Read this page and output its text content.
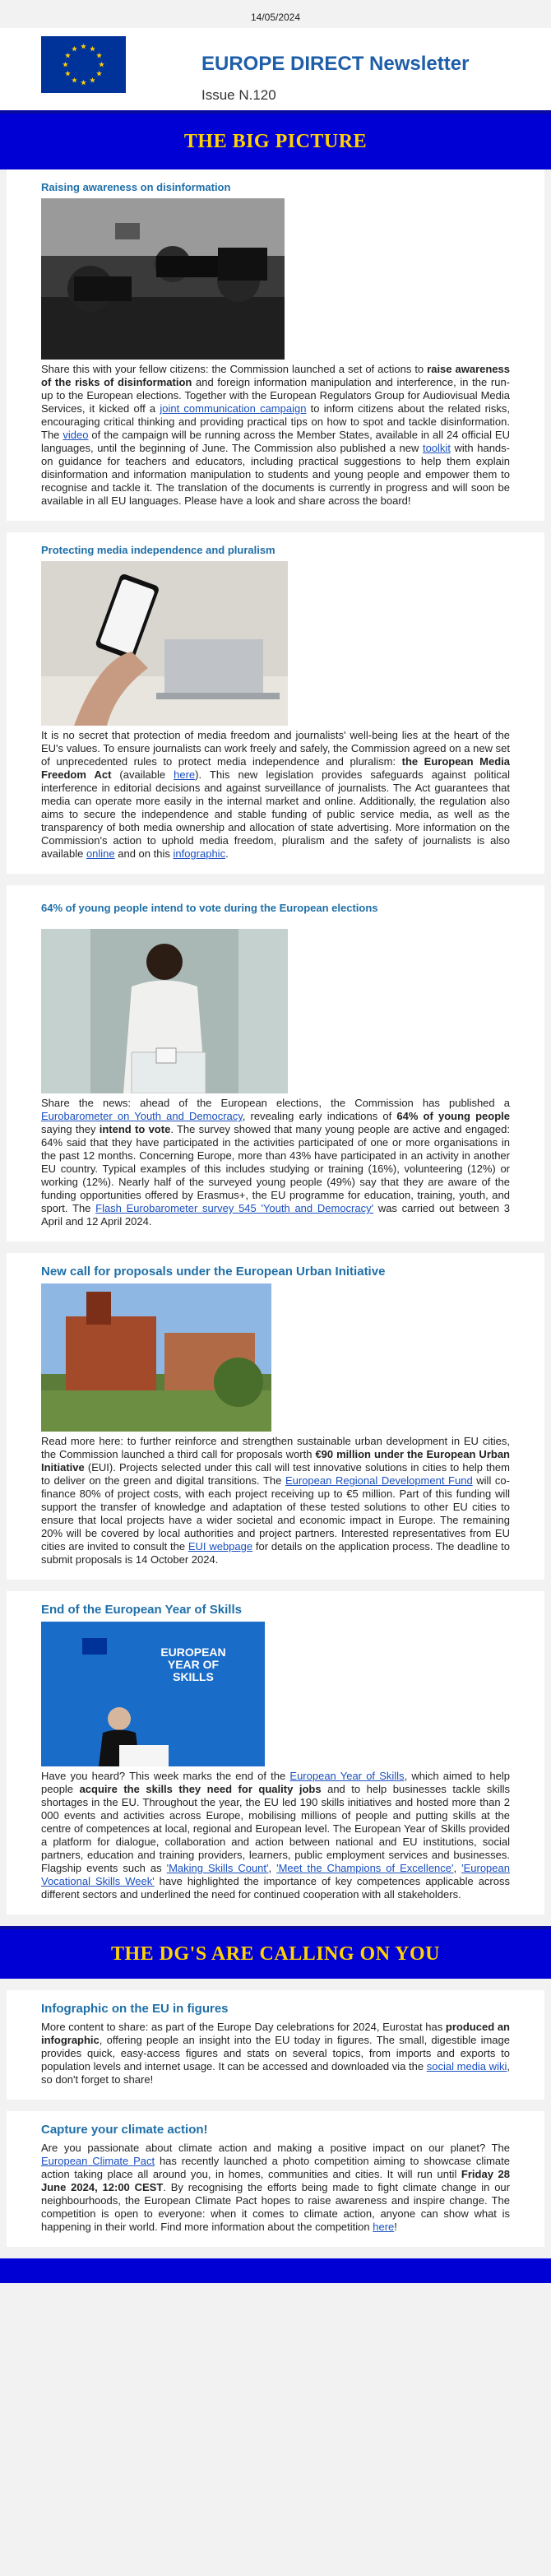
14/05/2024
EUROPE DIRECT Newsletter
Issue N.120
THE BIG PICTURE
Raising awareness on disinformation

Share this with your fellow citizens: the Commission launched a set of actions to raise awareness of the risks of disinformation and foreign information manipulation and interference, in the run-up to the European elections. Together with the European Regulators Group for Audiovisual Media Services, it kicked off a joint communication campaign to inform citizens about the related risks, encouraging critical thinking and providing practical tips on how to spot and tackle disinformation. The video of the campaign will be running across the Member States, available in all 24 official EU languages, until the beginning of June. The Commission also published a new toolkit with hands-on guidance for teachers and educators, including practical suggestions to help them explain disinformation and information manipulation to students and young people and empower them to recognise and tackle it. The translation of the documents is currently in progress and will soon be available in all EU languages. Please have a look and share across the board!

Protecting media independence and pluralism

It is no secret that protection of media freedom and journalists' well-being lies at the heart of the EU's values. To ensure journalists can work freely and safely, the Commission agreed on a new set of unprecedented rules to protect media independence and pluralism: the European Media Freedom Act (available here). This new legislation provides safeguards against political interference in editorial decisions and against surveillance of journalists. The Act guarantees that media can operate more easily in the internal market and online. Additionally, the regulation also aims to secure the independence and stable funding of public service media, as well as the transparency of both media ownership and allocation of state advertising. More information on the Commission's action to uphold media freedom, pluralism and the safety of journalists is also available online and on this infographic.

64% of young people intend to vote during the European elections

Share the news: ahead of the European elections, the Commission has published a Eurobarometer on Youth and Democracy, revealing early indications of 64% of young people saying they intend to vote. The survey showed that many young people are active and engaged: 64% said that they have participated in the activities participated of one or more organisations in the past 12 months. Concerning Europe, more than 43% have participated in an activity in another EU country. Typical examples of this includes studying or training (16%), volunteering (12%) or working (12%). Nearly half of the surveyed young people (49%) say that they are aware of the funding opportunities offered by Erasmus+, the EU programme for education, training, youth, and sport. The Flash Eurobarometer survey 545 'Youth and Democracy' was carried out between 3 April and 12 April 2024.

New call for proposals under the European Urban Initiative

Read more here: to further reinforce and strengthen sustainable urban development in EU cities, the Commission launched a third call for proposals worth €90 million under the European Urban Initiative (EUI). Projects selected under this call will test innovative solutions in cities to help them to deliver on the green and digital transitions. The European Regional Development Fund will co-finance 80% of project costs, with each project receiving up to €5 million. Part of this funding will support the transfer of knowledge and adaptation of these tested solutions to other EU cities to ensure that local projects have a wider societal and economic impact in Europe. The remaining 20% will be covered by local authorities and project partners. Interested representatives from EU cities are invited to consult the EUI webpage for details on the application process. The deadline to submit proposals is 14 October 2024.

End of the European Year of Skills
EUROPEAN
YEAR OF
SKILLS

Have you heard? This week marks the end of the European Year of Skills, which aimed to help people acquire the skills they need for quality jobs and to help businesses tackle skills shortages in the EU. Throughout the year, the EU led 190 skills initiatives and hosted more than 2 000 events and activities across Europe, mobilising millions of people and putting skills at the centre of competences at local, regional and European level. The European Year of Skills provided a platform for dialogue, collaboration and action between national and EU institutions, social partners, education and training providers, learners, public employment services and businesses. Flagship events such as 'Making Skills Count', 'Meet the Champions of Excellence', 'European Vocational Skills Week' have highlighted the importance of key competences applicable across different sectors and underlined the need for continued cooperation with all stakeholders.

THE DG'S ARE CALLING ON YOU
Infographic on the EU in figures

More content to share: as part of the Europe Day celebrations for 2024, Eurostat has produced an infographic, offering people an insight into the EU today in figures. The small, digestible image provides quick, easy-access figures and stats on several topics, from imports and exports to population levels and internet usage. It can be accessed and downloaded via the social media wiki, so don't forget to share!

Capture your climate action!

Are you passionate about climate action and making a positive impact on our planet? The European Climate Pact has recently launched a photo competition aiming to showcase climate action taking place all around you, in homes, communities and cities. It will run until Friday 28 June 2024, 12:00 CEST. By recognising the efforts being made to fight climate change in our neighbourhoods, the European Climate Pact hopes to raise awareness and inspire change. The competition is open to everyone: when it comes to climate action, anyone can show what is happening in their world. Find more information about the competition here!
